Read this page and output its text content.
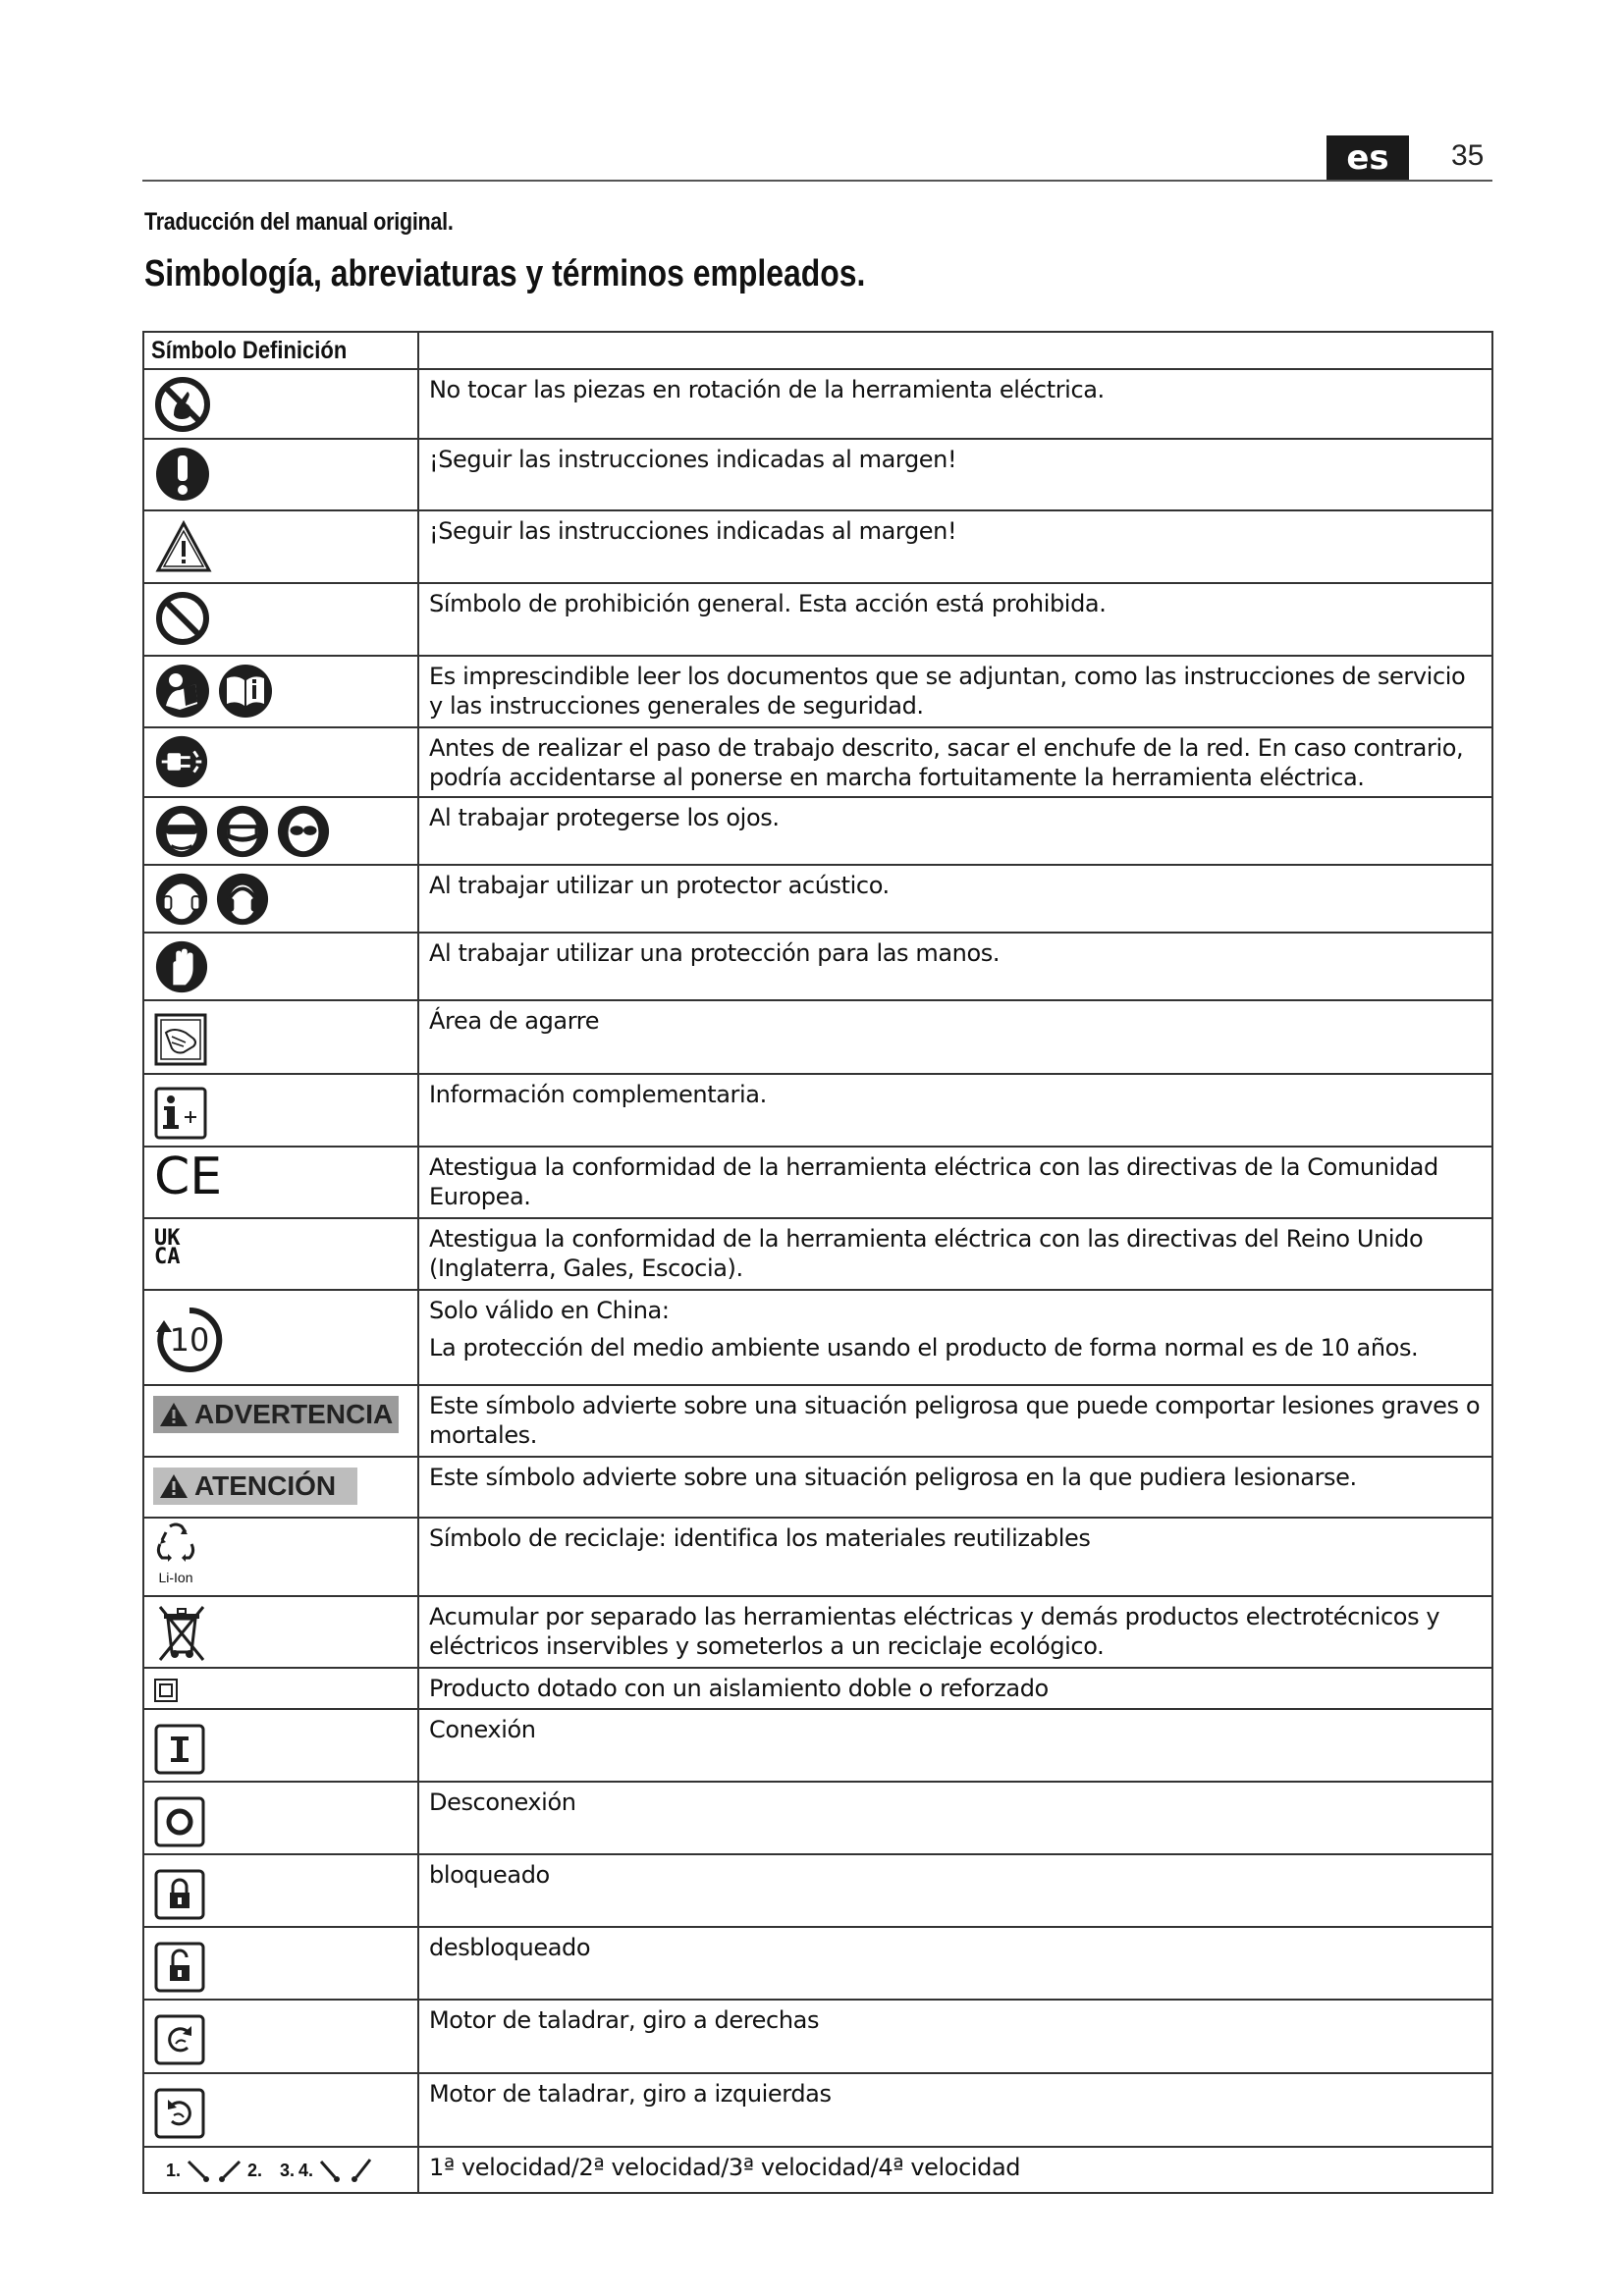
es	35
Traducción del manual original.
Simbología, abreviaturas y términos empleados.
Símbolo Definición	

	No tocar las piezas en rotación de la herramienta eléctrica.

	¡Seguir las instrucciones indicadas al margen!

	¡Seguir las instrucciones indicadas al margen!

	Símbolo de prohibición general. Esta acción está prohibida.

	Es imprescindible leer los documentos que se adjuntan, como las instrucciones de servicio y las instrucciones generales de seguridad.

	Antes de realizar el paso de trabajo descrito, sacar el enchufe de la red. En caso contrario, podría accidentarse al ponerse en marcha fortuitamente la herramienta eléctrica.

	Al trabajar protegerse los ojos.

	Al trabajar utilizar un protector acústico.

	Al trabajar utilizar una protección para las manos.

	Área de agarre

	Información complementaria.

CE	Atestigua la conformidad de la herramienta eléctrica con las directivas de la Comunidad Europea.

UK
CA	Atestigua la conformidad de la herramienta eléctrica con las directivas del Reino Unido (Inglaterra, Gales, Escocia).

10	Solo válido en China:
La protección del medio ambiente usando el producto de forma normal es de 10 años.

ADVERTENCIA	Este símbolo advierte sobre una situación peligrosa que puede comportar lesiones graves o mortales.

ATENCIÓN	Este símbolo advierte sobre una situación peligrosa en la que pudiera lesionarse.

Li-Ion	Símbolo de reciclaje: identifica los materiales reutilizables

	Acumular por separado las herramientas eléctricas y demás productos electrotécnicos y eléctricos inservibles y someterlos a un reciclaje ecológico.

	Producto dotado con un aislamiento doble o reforzado

	Conexión

	Desconexión

	bloqueado

	desbloqueado

	Motor de taladrar, giro a derechas

	Motor de taladrar, giro a izquierdas

1. 2. 3. 4.	1ª velocidad/2ª velocidad/3ª velocidad/4ª velocidad
